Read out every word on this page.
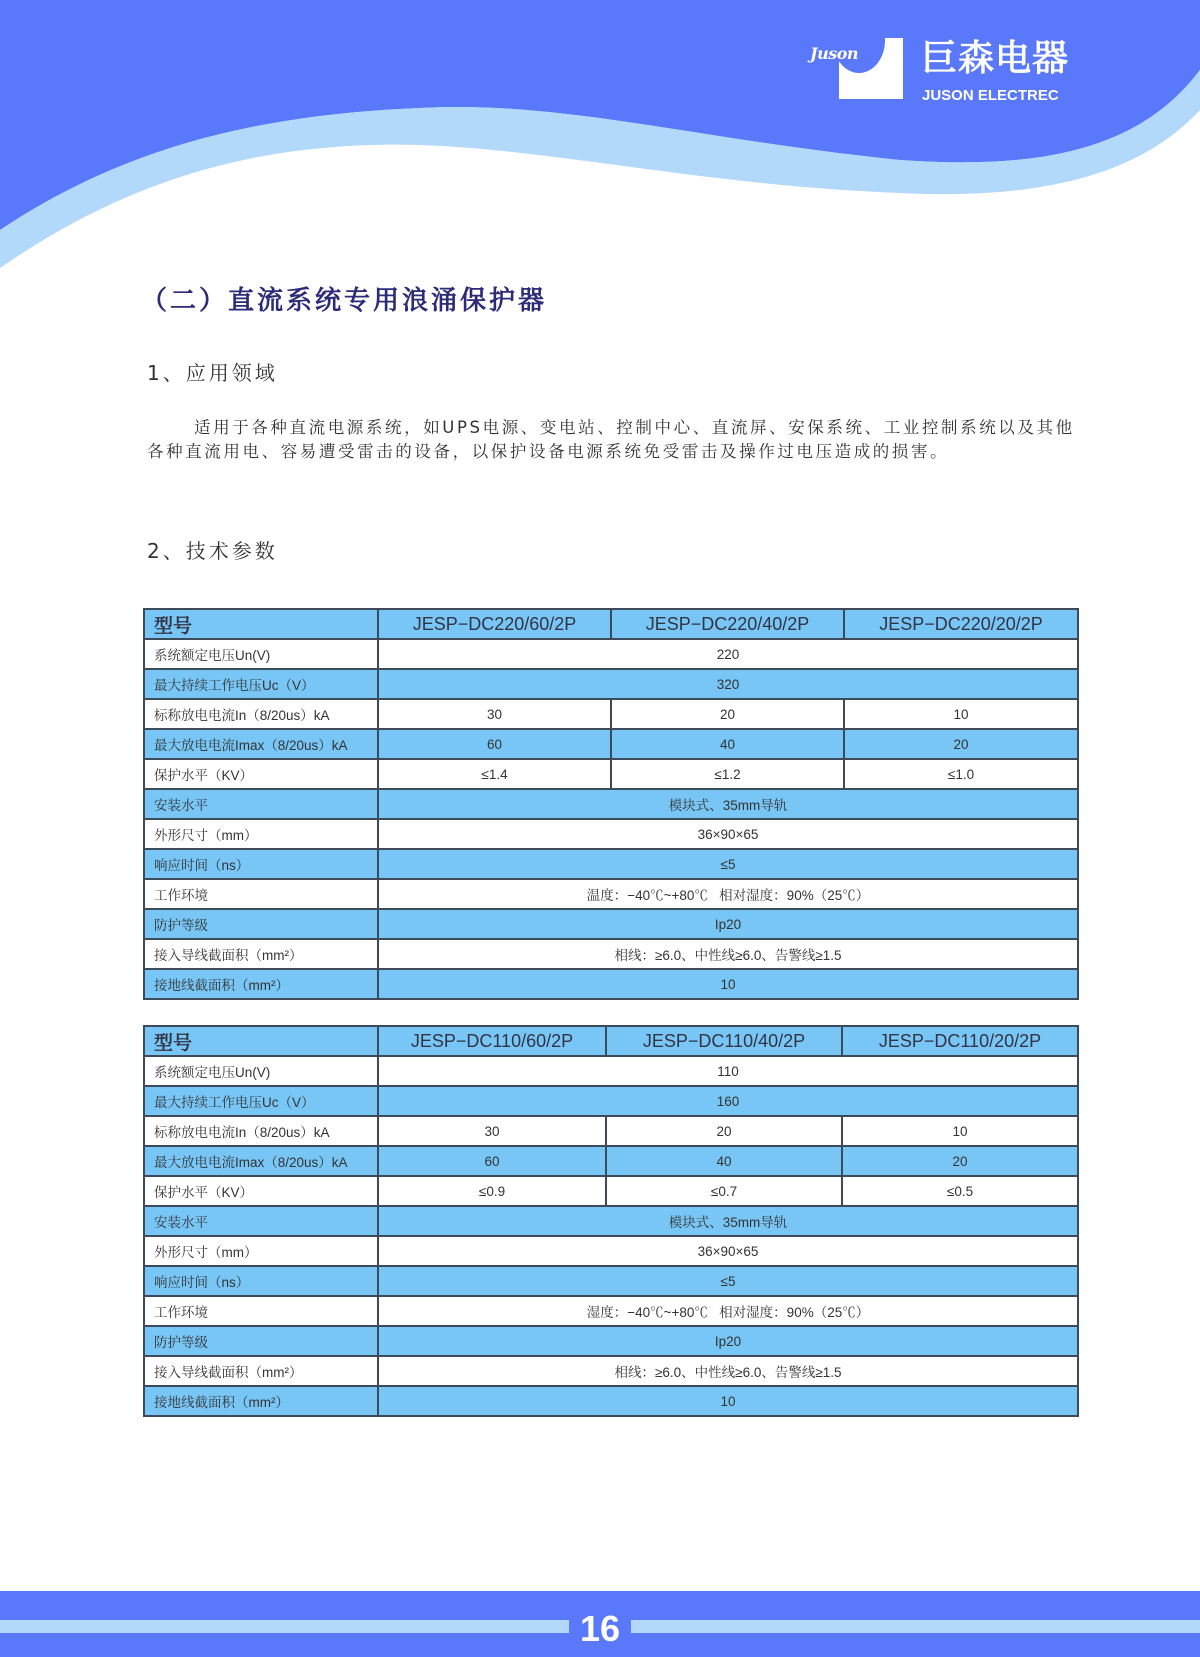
Juson 巨森电器
JUSON ELECTREC
（二）直流系统专用浪涌保护器
1、应用领域
适用于各种直流电源系统，如UPS电源、变电站、控制中心、直流屏、安保系统、工业控制系统以及其他各种直流用电、容易遭受雷击的设备，以保护设备电源系统免受雷击及操作过电压造成的损害。
2、技术参数
型号	JESP−DC220/60/2P	JESP−DC220/40/2P	JESP−DC220/20/2P
系统额定电压Un(V)	220		
最大持续工作电压Uc（V）	320		
标称放电电流In（8/20us）kA	30	20	10
最大放电电流Imax（8/20us）kA	60	40	20
保护水平（KV）	≤1.4	≤1.2	≤1.0
安装水平	模块式、35mm导轨		
外形尺寸（mm）	36×90×65		
响应时间（ns）	≤5		
工作环境	温度：−40℃~+80℃   相对湿度：90%（25℃）		
防护等级	Ip20		
接入导线截面积（mm²）	相线：≥6.0、中性线≥6.0、告警线≥1.5		
接地线截面积（mm²）	10		
型号	JESP−DC110/60/2P	JESP−DC110/40/2P	JESP−DC110/20/2P
系统额定电压Un(V)	110		
最大持续工作电压Uc（V）	160		
标称放电电流In（8/20us）kA	30	20	10
最大放电电流Imax（8/20us）kA	60	40	20
保护水平（KV）	≤0.9	≤0.7	≤0.5
安装水平	模块式、35mm导轨		
外形尺寸（mm）	36×90×65		
响应时间（ns）	≤5		
工作环境	湿度：−40℃~+80℃   相对湿度：90%（25℃）		
防护等级	Ip20		
接入导线截面积（mm²）	相线：≥6.0、中性线≥6.0、告警线≥1.5		
接地线截面积（mm²）	10		
16
